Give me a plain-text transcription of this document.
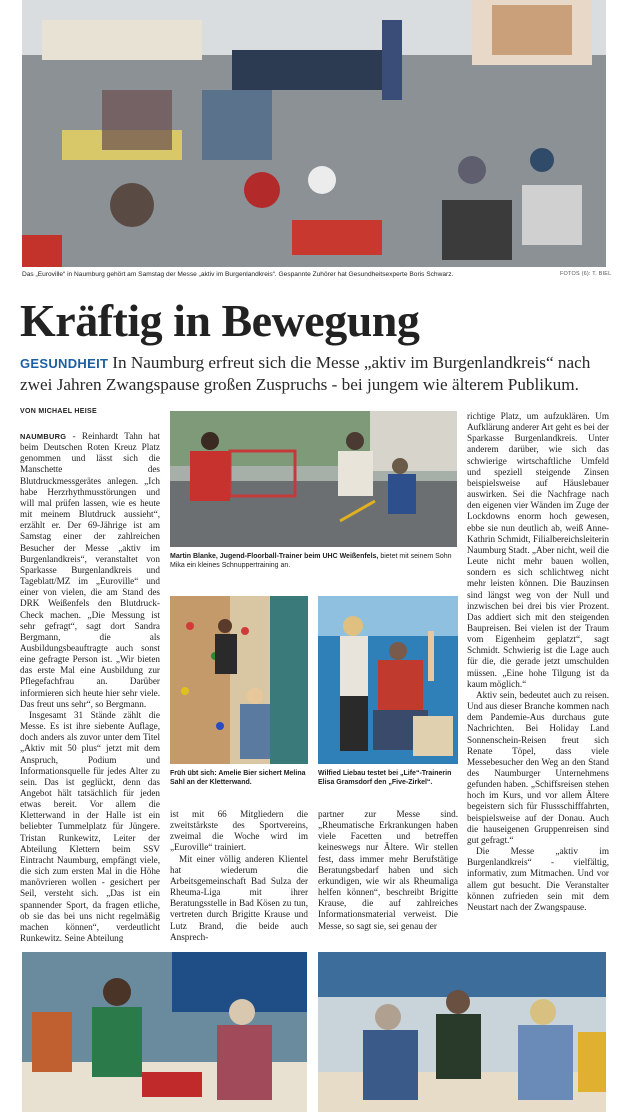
Das „Euroville“ in Naumburg gehört am Samstag der Messe „aktiv im Burgenlandkreis“. Gespannte Zuhörer hat Gesundheitsexperte Boris Schwarz.	FOTOS (6): T. BIEL
Kräftig in Bewegung
GESUNDHEIT In Naumburg erfreut sich die Messe „aktiv im Burgenlandkreis“ nach zwei Jahren Zwangspause großen Zuspruchs - bei jungem wie älterem Publikum.
VON MICHAEL HEISE

NAUMBURG - Reinhardt Tahn hat beim Deutschen Roten Kreuz Platz genommen und lässt sich die Manschette des Blutdruckmessgerätes anlegen. „Ich habe Herzrhythmusstörungen und will mal prüfen lassen, wie es heute mit meinem Blutdruck aussieht“, erzählt er. Der 69-Jährige ist am Samstag einer der zahlreichen Besucher der Messe „aktiv im Burgenlandkreis“, veranstaltet von Sparkasse Burgenlandkreis und Tageblatt/MZ im „Euroville“ und einer von vielen, die am Stand des DRK Weißenfels den Blutdruck-Check machen. „Die Messung ist sehr gefragt“, sagt dort Sandra Bergmann, die als Ausbildungsbeauftragte auch sonst eine gefragte Person ist. „Wir bieten das erste Mal eine Ausbildung zur Pflegefachfrau an. Darüber informieren sich heute hier sehr viele. Das freut uns sehr“, so Bergmann.

Insgesamt 31 Stände zählt die Messe. Es ist ihre siebente Auflage, doch anders als zuvor unter dem Titel „Aktiv mit 50 plus“ jetzt mit dem Anspruch, Podium und Informationsquelle für jedes Alter zu sein. Das ist geglückt, denn das Angebot hält tatsächlich für jeden etwas bereit. Vor allem die Kletterwand in der Halle ist ein beliebter Tummelplatz für Jüngere. Tristan Runkewitz, Leiter der Abteilung Klettern beim SSV Eintracht Naumburg, empfängt viele, die sich zum ersten Mal in die Höhe manövrieren wollen - gesichert per Seil, versteht sich. „Das ist ein spannender Sport, da fragen etliche, ob sie das bei uns nicht regelmäßig machen können“, verdeutlicht Runkewitz. Seine Abteilung

Martin Blanke, Jugend-Floorball-Trainer beim UHC Weißenfels, bietet mit seinem Sohn Mika ein kleines Schnuppertraining an.
Früh übt sich: Amelie Bier sichert Melina Sahl an der Kletterwand.
Wilfied Liebau testet bei „Life“-Trainerin Elisa Gramsdorf den „Five-Zirkel“.

ist mit 66 Mitgliedern die zweitstärkste des Sportvereins, zweimal die Woche wird im „Euroville“ trainiert.

Mit einer völlig anderen Klientel hat wiederum die Arbeitsgemeinschaft Bad Sulza der Rheuma-Liga mit ihrer Beratungsstelle in Bad Kösen zu tun, vertreten durch Brigitte Krause und Lutz Brand, die beide auch Ansprech-

partner zur Messe sind. „Rheumatische Erkrankungen haben viele Facetten und betreffen keineswegs nur Ältere. Wir stellen fest, dass immer mehr Berufstätige Beratungsbedarf haben und sich erkundigen, wie wir als Rheumaliga helfen können“, beschreibt Brigitte Krause, die auf zahlreiches Informationsmaterial verweist. Die Messe, so sagt sie, sei genau der

richtige Platz, um aufzuklären. Um Aufklärung anderer Art geht es bei der Sparkasse Burgenlandkreis. Unter anderem darüber, wie sich das schwierige wirtschaftliche Umfeld und speziell steigende Zinsen beispielsweise auf Häuslebauer auswirken. Sei die Nachfrage nach den eigenen vier Wänden im Zuge der Lockdowns enorm hoch gewesen, ebbe sie nun deutlich ab, weiß Anne-Kathrin Schmidt, Filialbereichsleiterin Naumburg Stadt. „Aber nicht, weil die Leute nicht mehr bauen wollen, sondern es sich schlichtweg nicht mehr leisten können. Die Bauzinsen sind längst weg von der Null und inzwischen bei drei bis vier Prozent. Das addiert sich mit den steigenden Baupreisen. Bei vielen ist der Traum vom Eigenheim geplatzt“, sagt Schmidt. Schwierig ist die Lage auch für die, die gerade jetzt umschulden müssen. „Eine hohe Tilgung ist da kaum möglich.“

Aktiv sein, bedeutet auch zu reisen. Und aus dieser Branche kommen nach dem Pandemie-Aus durchaus gute Nachrichten. Bei Holiday Land Sonnenschein-Reisen freut sich Renate Töpel, dass viele Messebesucher den Weg an den Stand des Naumburger Unternehmens gefunden haben. „Schiffsreisen stehen hoch im Kurs, und vor allem Ältere begeistern sich für Flussschifffahrten, beispielsweise auf der Donau. Auch die hauseigenen Gruppenreisen sind gut gefragt.“

Die Messe „aktiv im Burgenlandkreis“ - vielfältig, informativ, zum Mitmachen. Und vor allem gut besucht. Die Veranstalter können zufrieden sein mit dem Neustart nach der Zwangspause.
